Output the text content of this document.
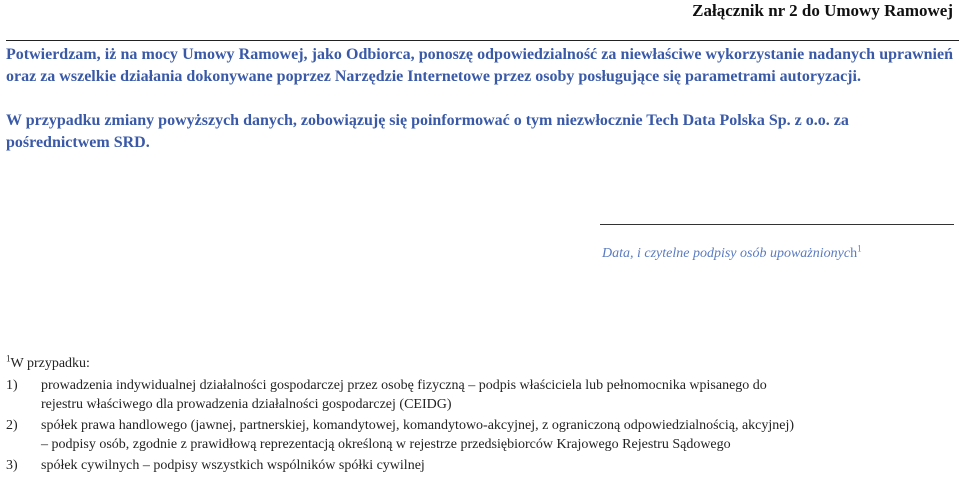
Załącznik nr 2 do Umowy Ramowej

Potwierdzam, iż na mocy Umowy Ramowej, jako Odbiorca, ponoszę odpowiedzialność za niewłaściwe wykorzystanie nadanych uprawnień oraz za wszelkie działania dokonywane poprzez Narzędzie Internetowe przez osoby posługujące się parametrami autoryzacji.

W przypadku zmiany powyższych danych, zobowiązuję się poinformować o tym niezwłocznie Tech Data Polska Sp. z o.o. za pośrednictwem SRD.

Data, i czytelne podpisy osób upoważnionych$^1$
$^1$W przypadku:
1) prowadzenia indywidualnej działalności gospodarczej przez osobę fizyczną – podpis właściciela lub pełnomocnika wpisanego do
rejestru właściwego dla prowadzenia działalności gospodarczej (CEIDG)
2) spółek prawa handlowego (jawnej, partnerskiej, komandytowej, komandytowo-akcyjnej, z ograniczoną odpowiedzialnością, akcyjnej)
– podpisy osób, zgodnie z prawidłową reprezentacją określoną w rejestrze przedsiębiorców Krajowego Rejestru Sądowego
3) spółek cywilnych – podpisy wszystkich wspólników spółki cywilnej
